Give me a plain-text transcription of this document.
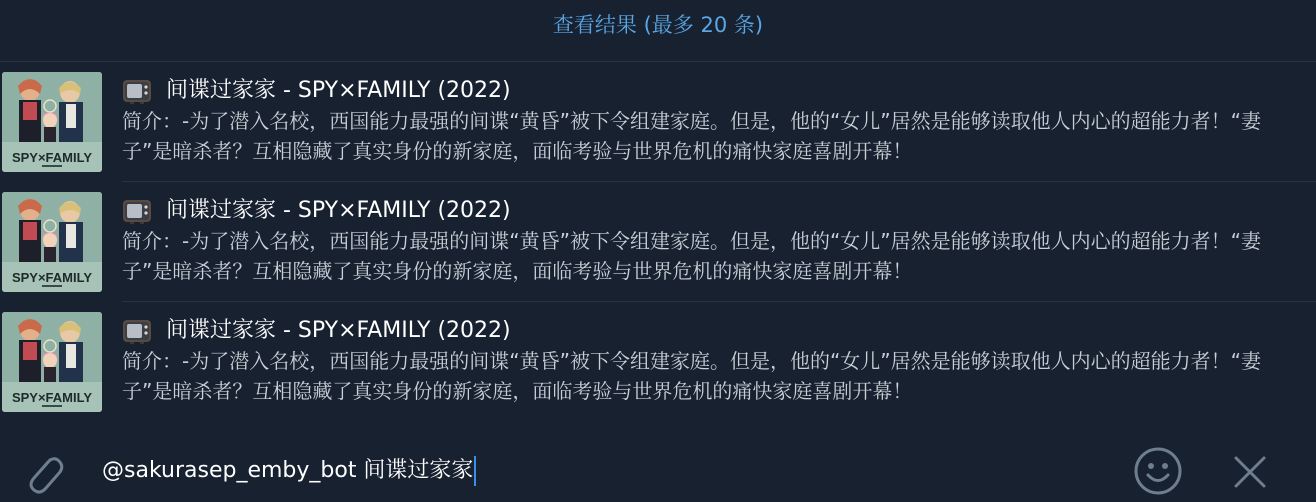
查看结果 (最多 20 条)
SPY×FAMILY
间谍过家家 - SPY×FAMILY (2022)
简介：-为了潜入名校，西国能力最强的间谍“黄昏”被下令组建家庭。但是，他的“女儿”居然是能够读取他人内心的超能力者！“妻子”是暗杀者？互相隐藏了真实身份的新家庭，面临考验与世界危机的痛快家庭喜剧开幕！
SPY×FAMILY
间谍过家家 - SPY×FAMILY (2022)
简介：-为了潜入名校，西国能力最强的间谍“黄昏”被下令组建家庭。但是，他的“女儿”居然是能够读取他人内心的超能力者！“妻子”是暗杀者？互相隐藏了真实身份的新家庭，面临考验与世界危机的痛快家庭喜剧开幕！
SPY×FAMILY
间谍过家家 - SPY×FAMILY (2022)
简介：-为了潜入名校，西国能力最强的间谍“黄昏”被下令组建家庭。但是，他的“女儿”居然是能够读取他人内心的超能力者！“妻子”是暗杀者？互相隐藏了真实身份的新家庭，面临考验与世界危机的痛快家庭喜剧开幕！
@sakurasep_emby_bot 间谍过家家
